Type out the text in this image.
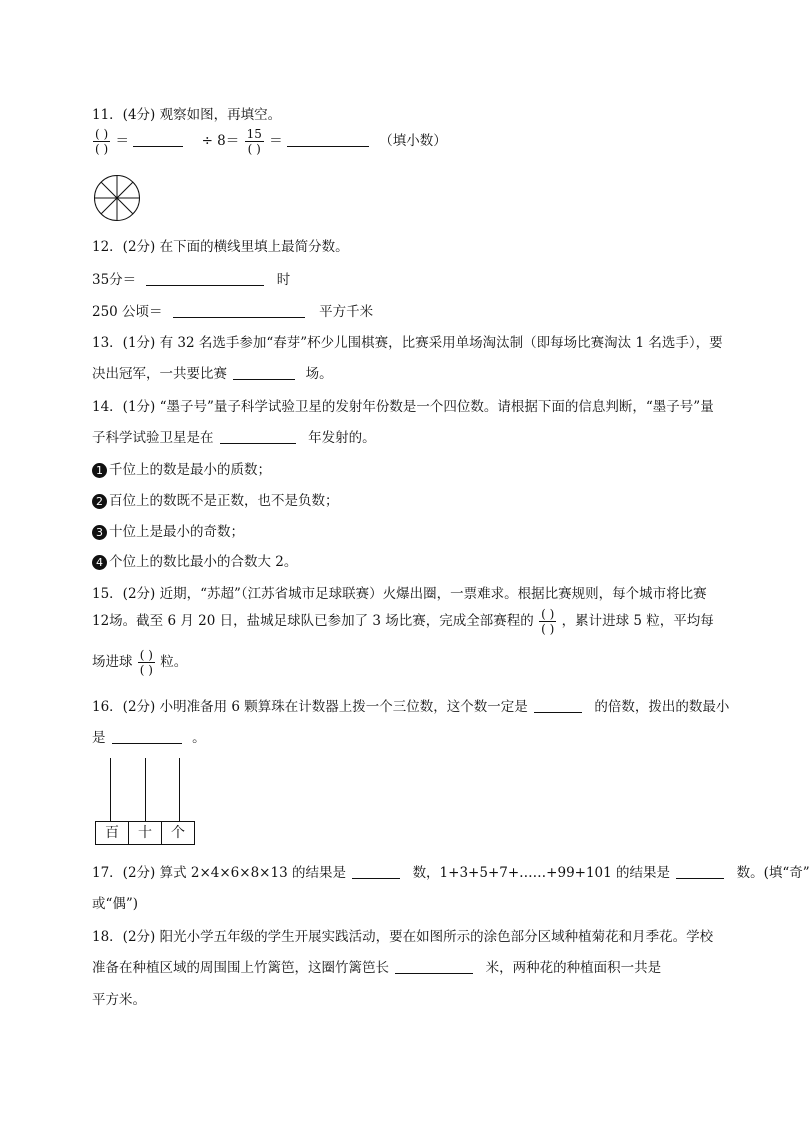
11．(4分) 观察如图，再填空。
$\frac{( )}{( )}$ ＝	÷ $8= \frac{15}{( )}$ ＝	（填小数）
12．(2分) 在下面的横线里填上最简分数。
35分＝	时
250 公顷＝	平方千米
13．(1分) 有 32 名选手参加“春芽”杯少儿围棋赛，比赛采用单场淘汰制（即每场比赛淘汰 1 名选手），要
决出冠军，一共要比赛	场。
14．(1分) “墨子号”量子科学试验卫星的发射年份数是一个四位数。请根据下面的信息判断，“墨子号”量
子科学试验卫星是在	年发射的。
1 千位上的数是最小的质数；
2 百位上的数既不是正数，也不是负数；
3 十位上是最小的奇数；
4 个位上的数比最小的合数大 2。
15．(2分) 近期，“苏超”（江苏省城市足球联赛）火爆出圈，一票难求。根据比赛规则，每个城市将比赛
12场。截至 6 月 20 日，盐城足球队已参加了 3 场比赛，完成全部赛程的 $\frac{( )}{( )}$ ，累计进球 5 粒，平均每
场进球 $\frac{( )}{( )}$ 粒。
16．(2分) 小明准备用 6 颗算珠在计数器上拨一个三位数，这个数一定是	的倍数，拨出的数最小
是	。
百	十	个
17．(2分) 算式 2×4×6×8×13 的结果是	数，1+3+5+7+……+99+101 的结果是	数。(填“奇”
或“偶”)
18．(2分) 阳光小学五年级的学生开展实践活动，要在如图所示的涂色部分区域种植菊花和月季花。学校
准备在种植区域的周围围上竹篱笆，这圈竹篱笆长	米，两种花的种植面积一共是
平方米。
